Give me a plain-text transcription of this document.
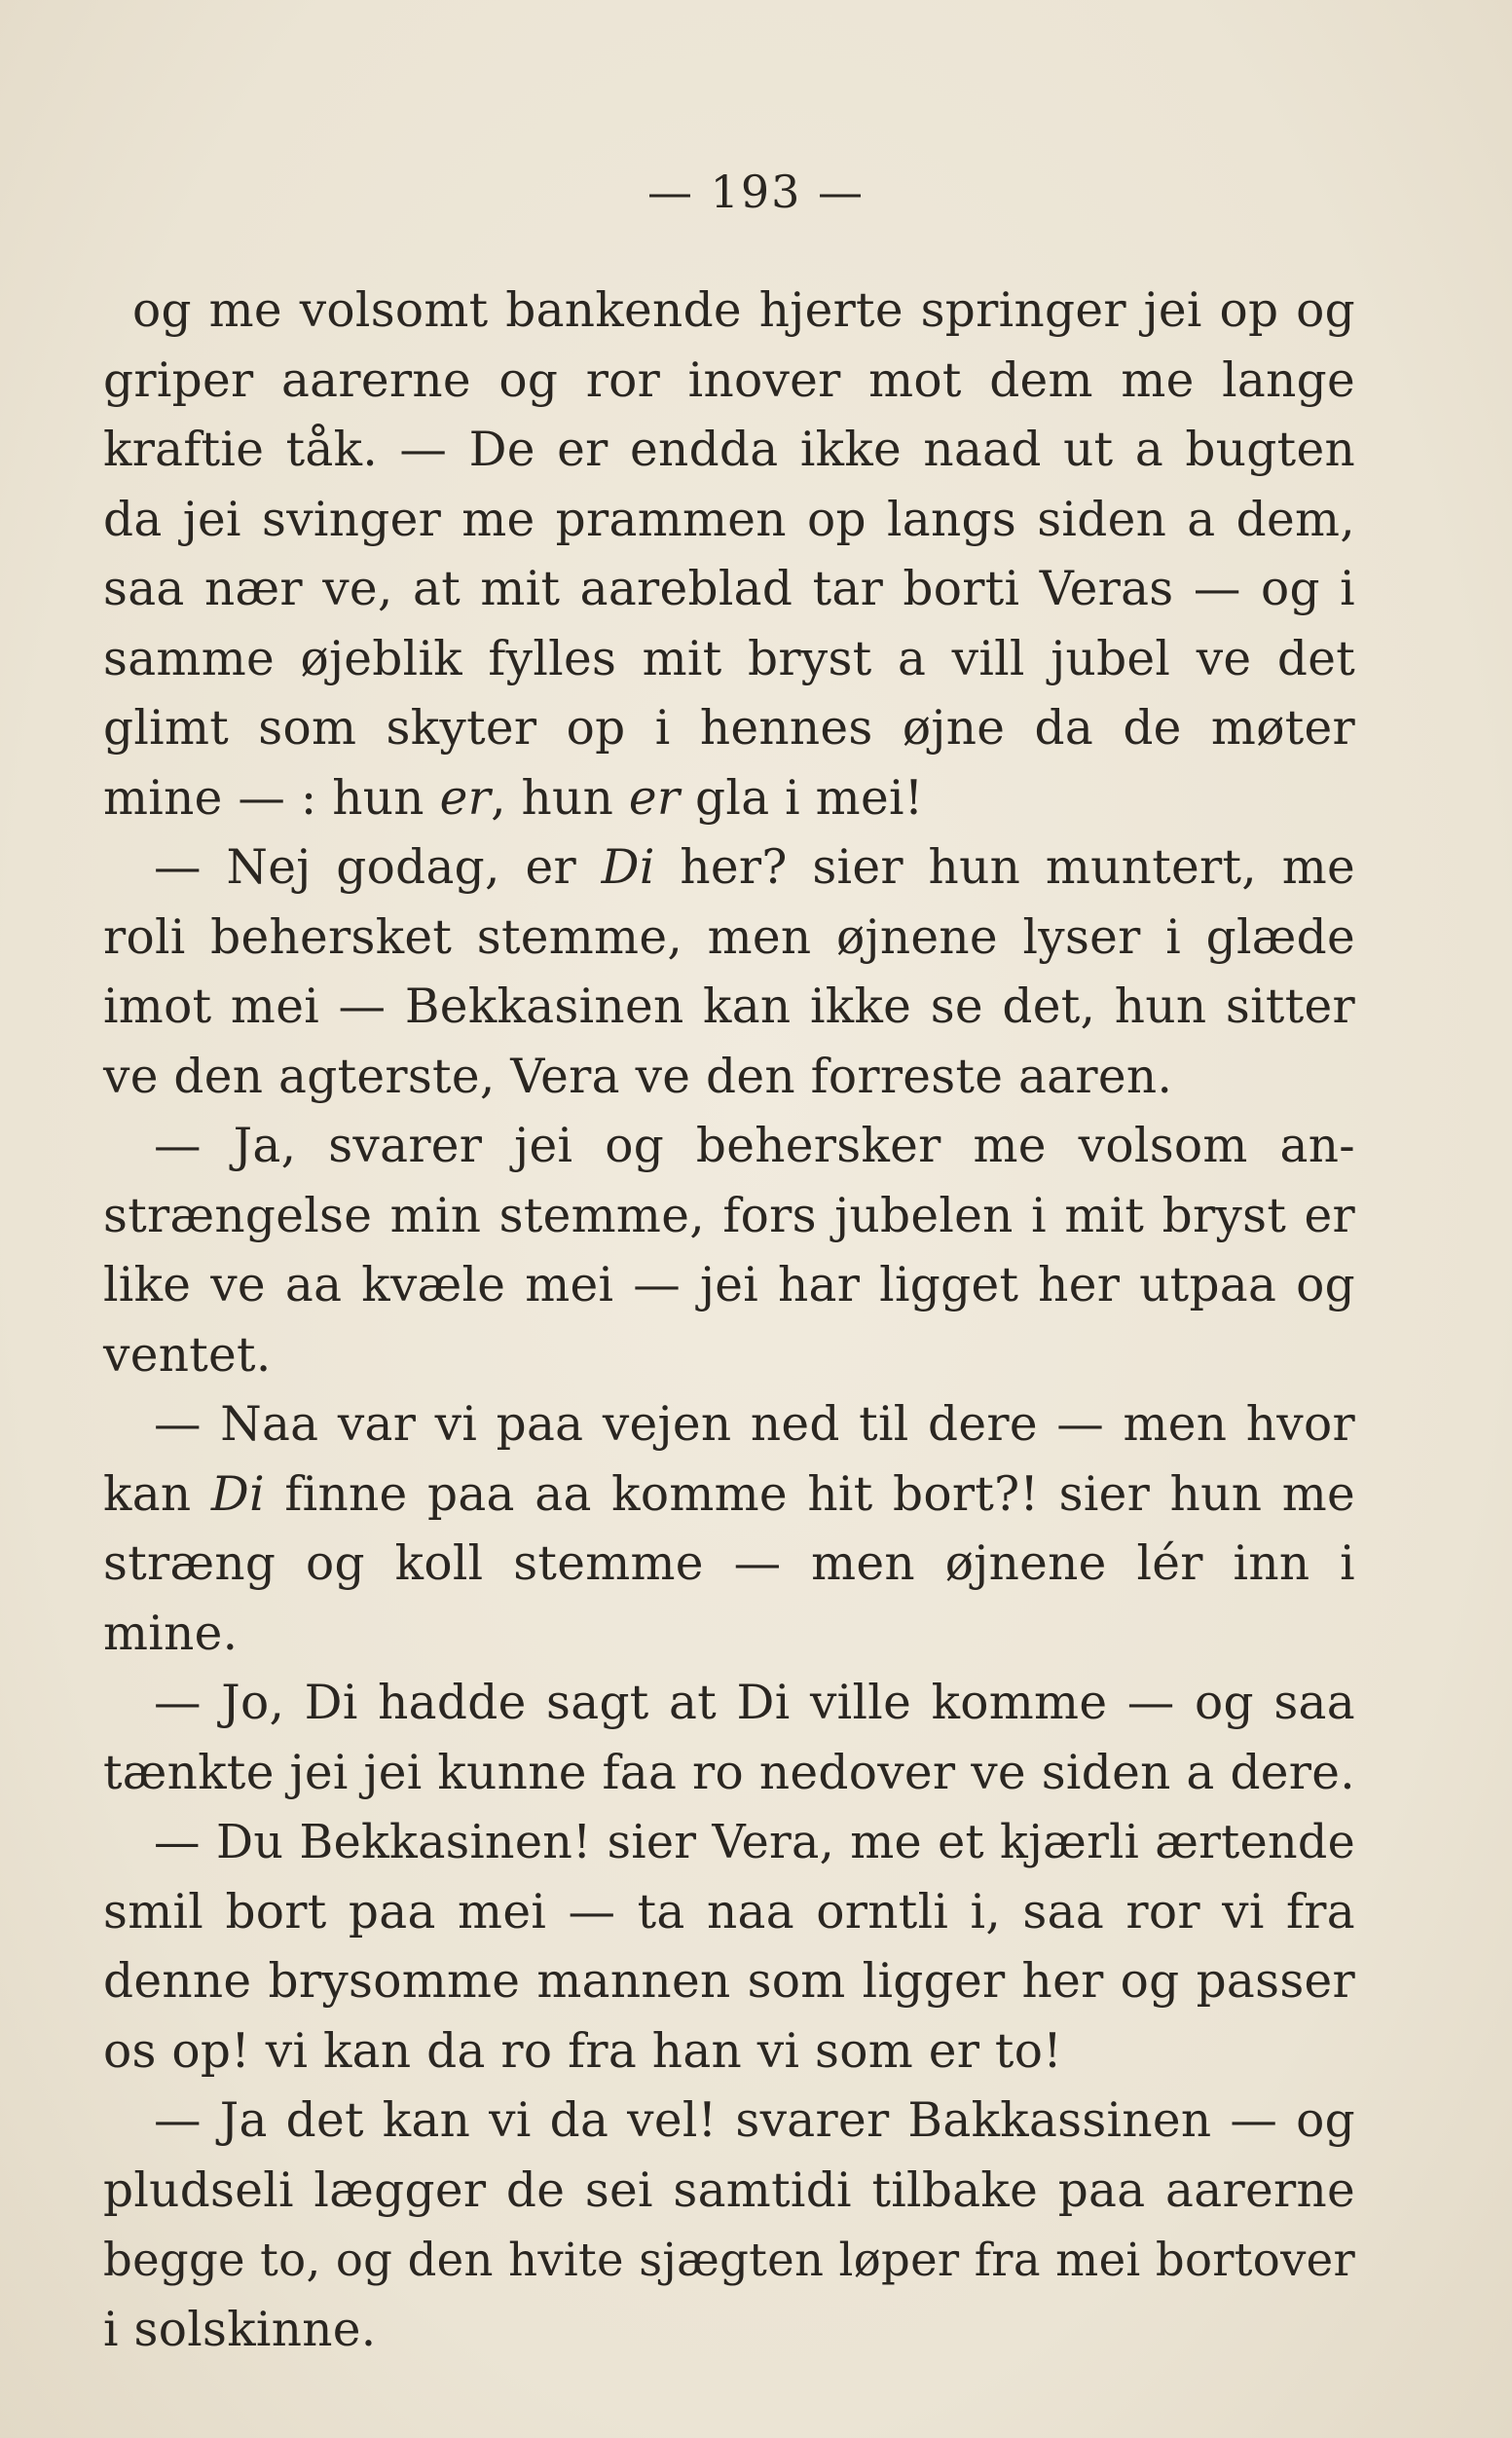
— 193 —
og me volsomt bankende hjerte springer jei op og
griper aarerne og ror inover mot dem me lange
kraftie tåk. — De er endda ikke naad ut a bugten
da jei svinger me prammen op langs siden a dem,
saa nær ve, at mit aareblad tar borti Veras — og i
samme øjeblik fylles mit bryst a vill jubel ve det
glimt som skyter op i hennes øjne da de møter
mine — : hun er, hun er gla i mei!
— Nej godag, er Di her? sier hun muntert, me
roli behersket stemme, men øjnene lyser i glæde
imot mei — Bekkasinen kan ikke se det, hun sitter
ve den agterste, Vera ve den forreste aaren.
— Ja, svarer jei og behersker me volsom an-
strængelse min stemme, fors jubelen i mit bryst er
like ve aa kvæle mei — jei har ligget her utpaa og
ventet.
— Naa var vi paa vejen ned til dere — men hvor
kan Di finne paa aa komme hit bort?! sier hun me
stræng og koll stemme — men øjnene lér inn i
mine.
— Jo, Di hadde sagt at Di ville komme — og saa
tænkte jei jei kunne faa ro nedover ve siden a dere.
— Du Bekkasinen! sier Vera, me et kjærli ærtende
smil bort paa mei — ta naa orntli i, saa ror vi fra
denne brysomme mannen som ligger her og passer
os op! vi kan da ro fra han vi som er to!
— Ja det kan vi da vel! svarer Bakkassinen — og
pludseli lægger de sei samtidi tilbake paa aarerne
begge to, og den hvite sjægten løper fra mei bortover
i solskinne.
